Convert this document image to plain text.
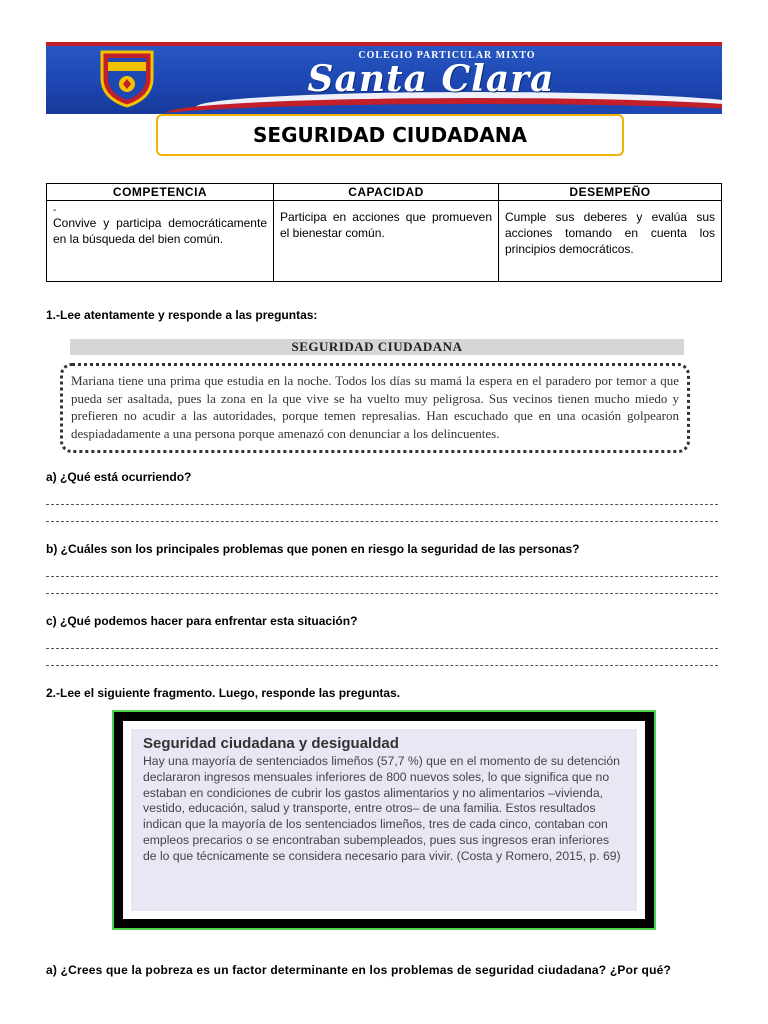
COLEGIO PARTICULAR MIXTO
Santa Clara
SEGURIDAD CIUDADANA
COMPETENCIA	CAPACIDAD	DESEMPEÑO

-
Convive y participa democráticamente en la búsqueda del bien común.	Participa en acciones que promueven el bienestar común.	Cumple sus deberes y evalúa sus acciones tomando en cuenta los principios democráticos.
1.-Lee atentamente y responde a las preguntas:
SEGURIDAD CIUDADANA
Mariana tiene una prima que estudia en la noche. Todos los días su mamá la espera en el paradero por temor a que pueda ser asaltada, pues la zona en la que vive se ha vuelto muy peligrosa. Sus vecinos tienen mucho miedo y prefieren no acudir a las autoridades, porque temen represalias. Han escuchado que en una ocasión golpearon despiadadamente a una persona porque amenazó con denunciar a los delincuentes.
a) ¿Qué está ocurriendo?
b) ¿Cuáles son los principales problemas que ponen en riesgo la seguridad de las personas?
c) ¿Qué podemos hacer para enfrentar esta situación?
2.-Lee el siguiente fragmento. Luego, responde las preguntas.
Seguridad ciudadana y desigualdad
Hay una mayoría de sentenciados limeños (57,7 %) que en el momento de su detención declararon ingresos mensuales inferiores de 800 nuevos soles, lo que significa que no estaban en condiciones de cubrir los gastos alimentarios y no alimentarios –vivienda, vestido, educación, salud y transporte, entre otros– de una familia. Estos resultados indican que la mayoría de los sentenciados limeños, tres de cada cinco, contaban con empleos precarios o se encontraban subempleados, pues sus ingresos eran inferiores de lo que técnicamente se considera necesario para vivir. (Costa y Romero, 2015, p. 69)
a) ¿Crees que la pobreza es un factor determinante en los problemas de seguridad ciudadana? ¿Por qué?
